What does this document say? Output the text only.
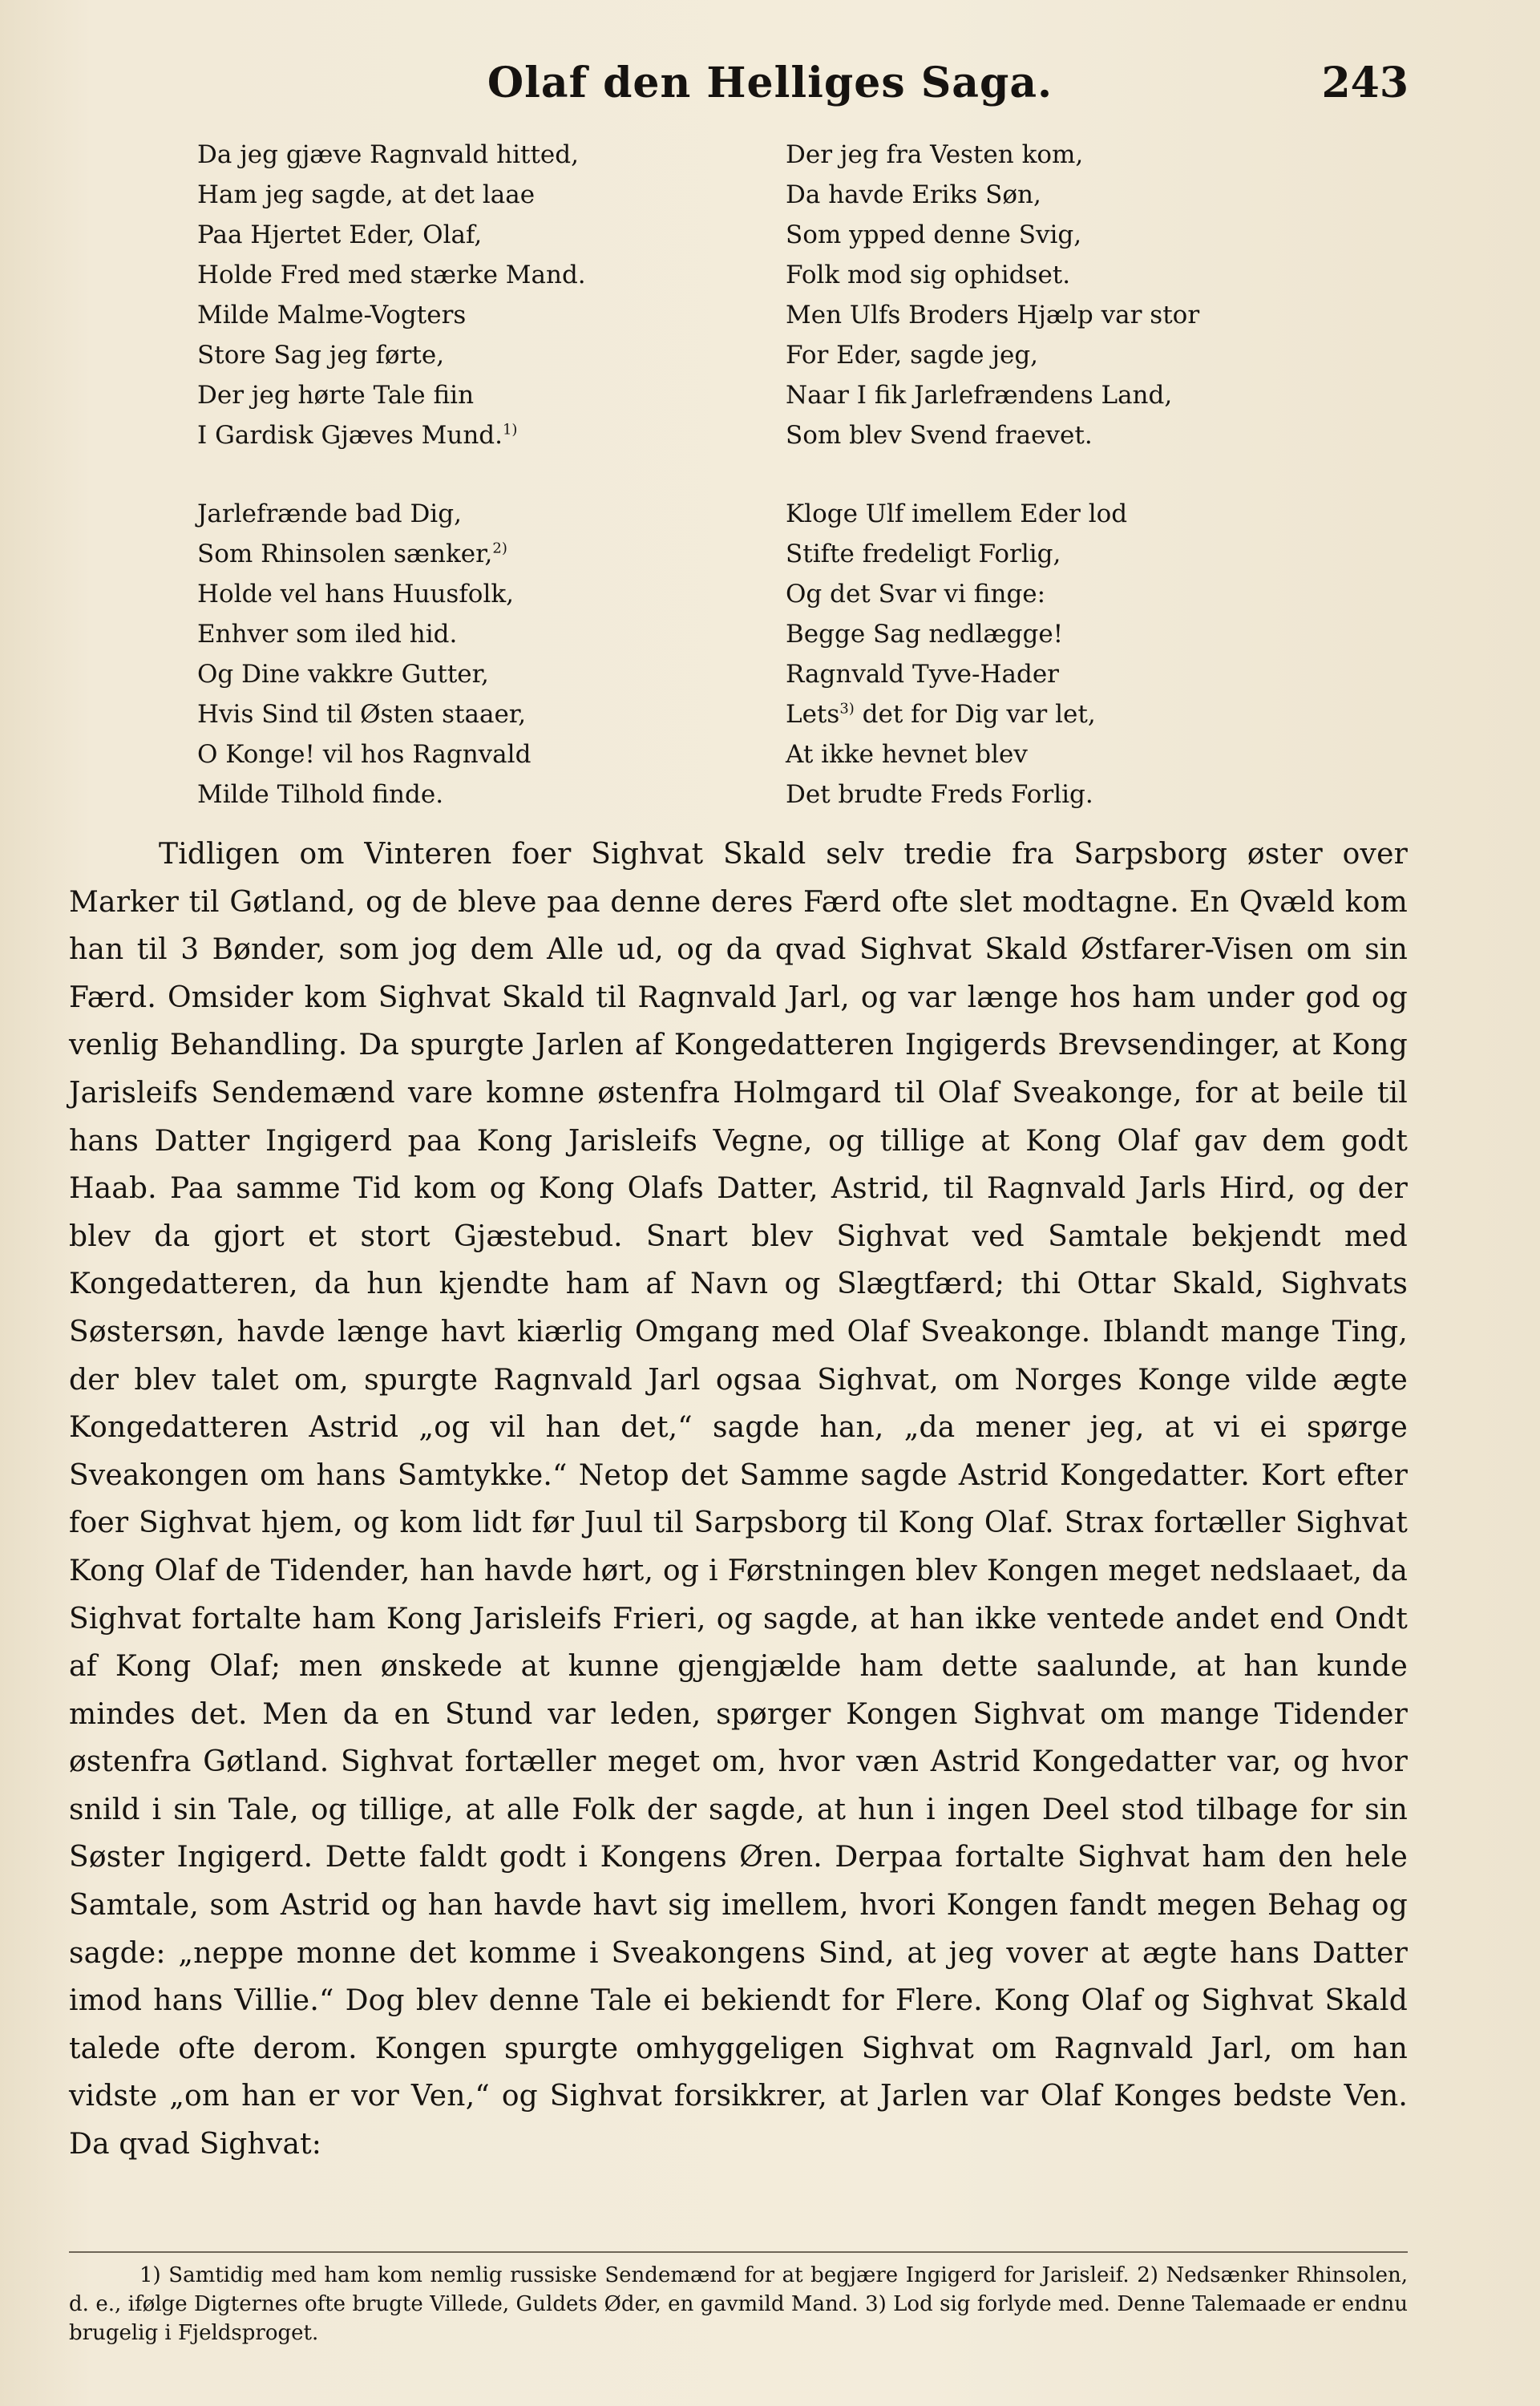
Olaf den Helliges Saga.	243
Da jeg gjæve Ragnvald hitted,
Ham jeg sagde, at det laae
Paa Hjertet Eder, Olaf,
Holde Fred med stærke Mand.
Milde Malme-Vogters
Store Sag jeg førte,
Der jeg hørte Tale fiin
I Gardisk Gjæves Mund.$^{1)}$
Jarlefrænde bad Dig,
Som Rhinsolen sænker,$^{2)}$
Holde vel hans Huusfolk,
Enhver som iled hid.
Og Dine vakkre Gutter,
Hvis Sind til Østen staaer,
O Konge! vil hos Ragnvald
Milde Tilhold finde.
Der jeg fra Vesten kom,
Da havde Eriks Søn,
Som ypped denne Svig,
Folk mod sig ophidset.
Men Ulfs Broders Hjælp var stor
For Eder, sagde jeg,
Naar I fik Jarlefrændens Land,
Som blev Svend fraevet.
Kloge Ulf imellem Eder lod
Stifte fredeligt Forlig,
Og det Svar vi finge:
Begge Sag nedlægge!
Ragnvald Tyve-Hader
Lets$^{3)}$ det for Dig var let,
At ikke hevnet blev
Det brudte Freds Forlig.
Tidligen om Vinteren foer Sighvat Skald selv tredie fra Sarpsborg øster over Marker til Gøtland, og de bleve paa denne deres Færd ofte slet modtagne. En Qvæld kom han til 3 Bønder, som jog dem Alle ud, og da qvad Sighvat Skald Østfarer-Visen om sin Færd. Omsider kom Sighvat Skald til Ragnvald Jarl, og var længe hos ham under god og venlig Behandling. Da spurgte Jarlen af Kongedatteren Ingigerds Brevsendinger, at Kong Jarisleifs Sendemænd vare komne østenfra Holmgard til Olaf Sveakonge, for at beile til hans Datter Ingigerd paa Kong Jarisleifs Vegne, og tillige at Kong Olaf gav dem godt Haab. Paa samme Tid kom og Kong Olafs Datter, Astrid, til Ragnvald Jarls Hird, og der blev da gjort et stort Gjæstebud. Snart blev Sighvat ved Samtale bekjendt med Kongedatteren, da hun kjendte ham af Navn og Slægtfærd; thi Ottar Skald, Sighvats Søstersøn, havde længe havt kiærlig Omgang med Olaf Sveakonge. Iblandt mange Ting, der blev talet om, spurgte Ragnvald Jarl ogsaa Sighvat, om Norges Konge vilde ægte Kongedatteren Astrid „og vil han det,“ sagde han, „da mener jeg, at vi ei spørge Sveakongen om hans Samtykke.“ Netop det Samme sagde Astrid Kongedatter. Kort efter foer Sighvat hjem, og kom lidt før Juul til Sarpsborg til Kong Olaf. Strax fortæller Sighvat Kong Olaf de Tidender, han havde hørt, og i Førstningen blev Kongen meget nedslaaet, da Sighvat fortalte ham Kong Jarisleifs Frieri, og sagde, at han ikke ventede andet end Ondt af Kong Olaf; men ønskede at kunne gjengjælde ham dette saalunde, at han kunde mindes det. Men da en Stund var leden, spørger Kongen Sighvat om mange Tidender østenfra Gøtland. Sighvat fortæller meget om, hvor væn Astrid Kongedatter var, og hvor snild i sin Tale, og tillige, at alle Folk der sagde, at hun i ingen Deel stod tilbage for sin Søster Ingigerd. Dette faldt godt i Kongens Øren. Derpaa fortalte Sighvat ham den hele Samtale, som Astrid og han havde havt sig imellem, hvori Kongen fandt megen Behag og sagde: „neppe monne det komme i Sveakongens Sind, at jeg vover at ægte hans Datter imod hans Villie.“ Dog blev denne Tale ei bekiendt for Flere. Kong Olaf og Sighvat Skald talede ofte derom. Kongen spurgte omhyggeligen Sighvat om Ragnvald Jarl, om han vidste „om han er vor Ven,“ og Sighvat forsikkrer, at Jarlen var Olaf Konges bedste Ven. Da qvad Sighvat:
1) Samtidig med ham kom nemlig russiske Sendemænd for at begjære Ingigerd for Jarisleif. 2) Nedsænker Rhinsolen, d. e., ifølge Digternes ofte brugte Villede, Guldets Øder, en gavmild Mand. 3) Lod sig forlyde med. Denne Talemaade er endnu brugelig i Fjeldsproget.
